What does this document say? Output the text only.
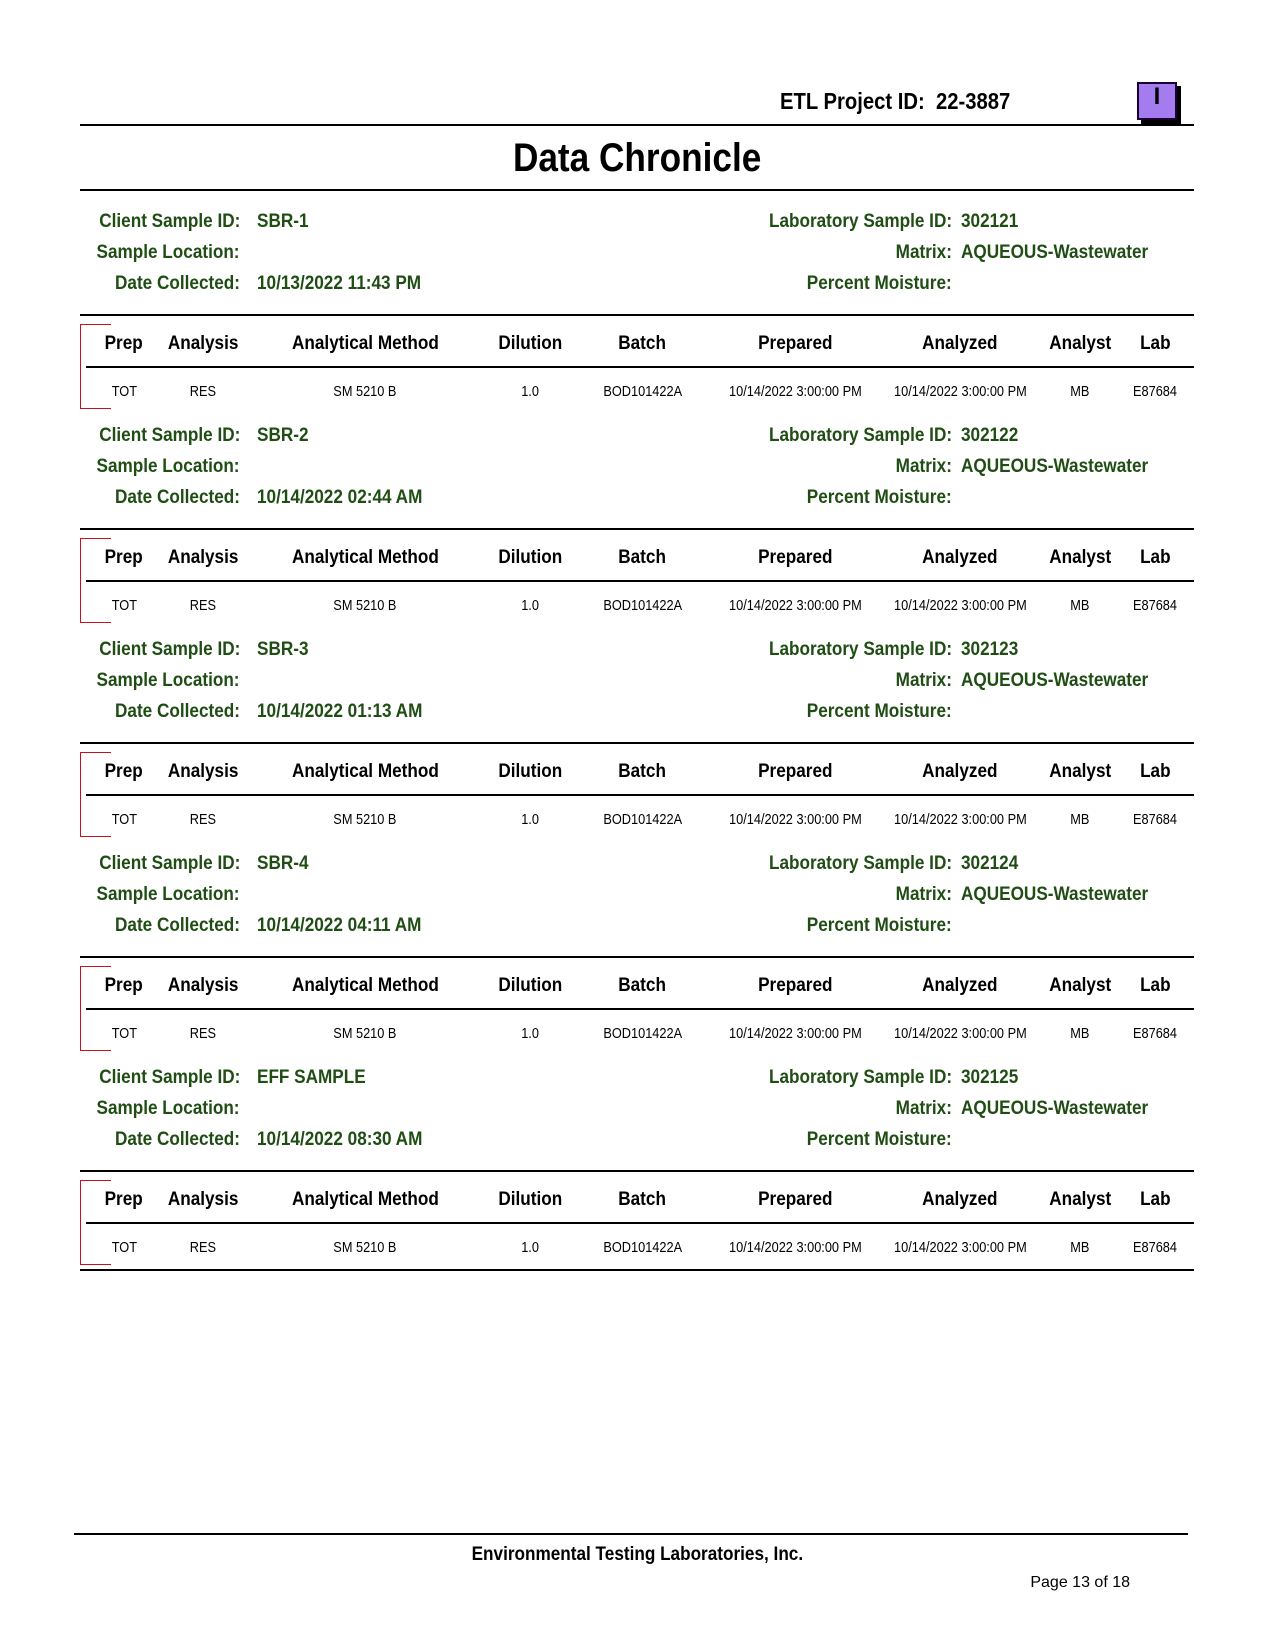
ETL Project ID: 22-3887	I
Data Chronicle
Client Sample ID: SBR-1
Sample Location:
Date Collected: 10/13/2022 11:43 PM
Laboratory Sample ID: 302121
Matrix: AQUEOUS-Wastewater
Percent Moisture:
Prep	Analysis	Analytical Method	Dilution	Batch	Prepared	Analyzed	Analyst	Lab
TOT	RES	SM 5210 B	1.0	BOD101422A	10/14/2022 3:00:00 PM	10/14/2022 3:00:00 PM	MB	E87684
Client Sample ID: SBR-2
Sample Location:
Date Collected: 10/14/2022 02:44 AM
Laboratory Sample ID: 302122
Matrix: AQUEOUS-Wastewater
Percent Moisture:
Prep	Analysis	Analytical Method	Dilution	Batch	Prepared	Analyzed	Analyst	Lab
TOT	RES	SM 5210 B	1.0	BOD101422A	10/14/2022 3:00:00 PM	10/14/2022 3:00:00 PM	MB	E87684
Client Sample ID: SBR-3
Sample Location:
Date Collected: 10/14/2022 01:13 AM
Laboratory Sample ID: 302123
Matrix: AQUEOUS-Wastewater
Percent Moisture:
Prep	Analysis	Analytical Method	Dilution	Batch	Prepared	Analyzed	Analyst	Lab
TOT	RES	SM 5210 B	1.0	BOD101422A	10/14/2022 3:00:00 PM	10/14/2022 3:00:00 PM	MB	E87684
Client Sample ID: SBR-4
Sample Location:
Date Collected: 10/14/2022 04:11 AM
Laboratory Sample ID: 302124
Matrix: AQUEOUS-Wastewater
Percent Moisture:
Prep	Analysis	Analytical Method	Dilution	Batch	Prepared	Analyzed	Analyst	Lab
TOT	RES	SM 5210 B	1.0	BOD101422A	10/14/2022 3:00:00 PM	10/14/2022 3:00:00 PM	MB	E87684
Client Sample ID: EFF SAMPLE
Sample Location:
Date Collected: 10/14/2022 08:30 AM
Laboratory Sample ID: 302125
Matrix: AQUEOUS-Wastewater
Percent Moisture:
Prep	Analysis	Analytical Method	Dilution	Batch	Prepared	Analyzed	Analyst	Lab
TOT	RES	SM 5210 B	1.0	BOD101422A	10/14/2022 3:00:00 PM	10/14/2022 3:00:00 PM	MB	E87684
Environmental Testing Laboratories, Inc.
Page 13 of 18
